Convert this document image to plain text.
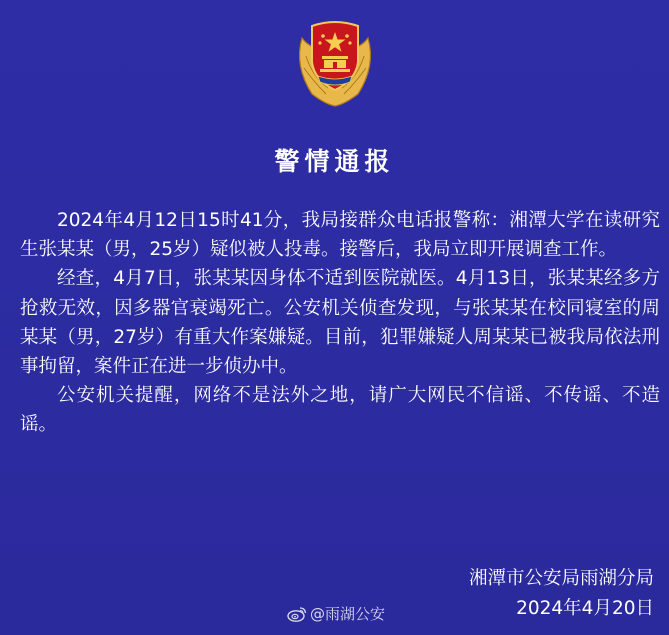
警情通报

2024年4月12日15时41分，我局接群众电话报警称：湘潭大学在读研究生张某某（男，25岁）疑似被人投毒。接警后，我局立即开展调查工作。

经查，4月7日，张某某因身体不适到医院就医。4月13日，张某某经多方抢救无效，因多器官衰竭死亡。公安机关侦查发现，与张某某在校同寝室的周某某（男，27岁）有重大作案嫌疑。目前，犯罪嫌疑人周某某已被我局依法刑事拘留，案件正在进一步侦办中。

公安机关提醒，网络不是法外之地，请广大网民不信谣、不传谣、不造谣。

湘潭市公安局雨湖分局
2024年4月20日
@雨湖公安
